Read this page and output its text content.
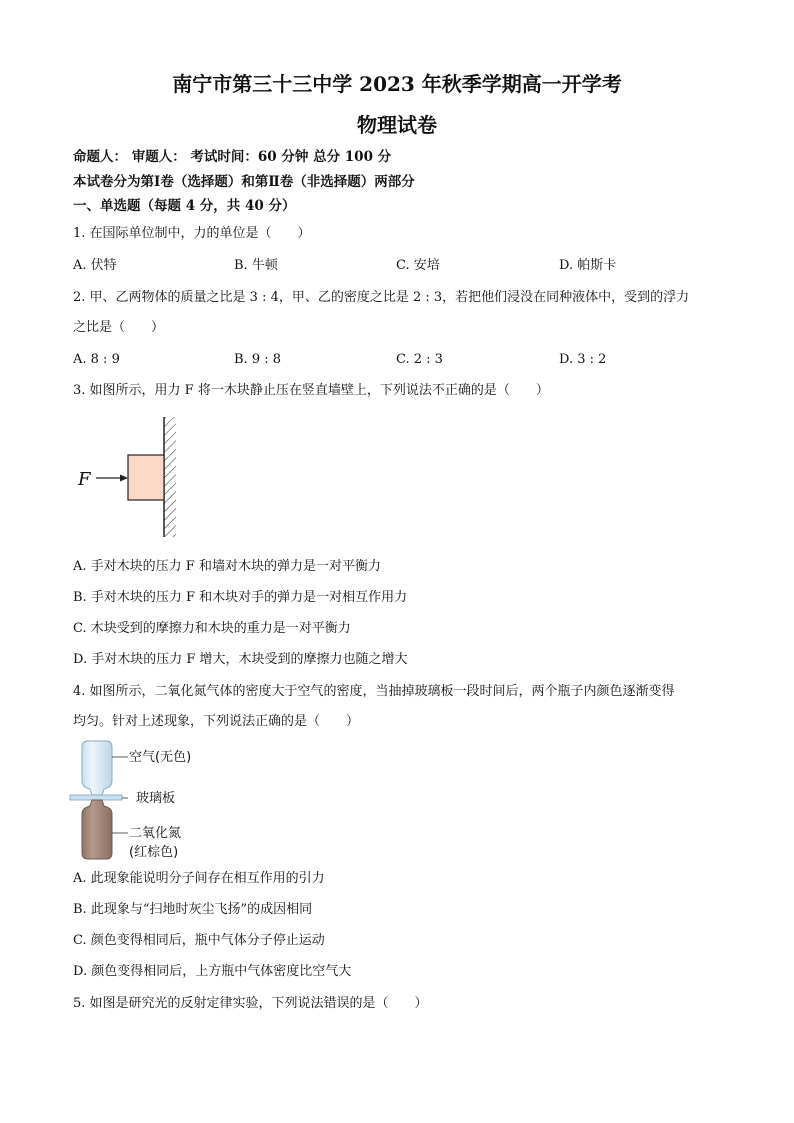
南宁市第三十三中学 2023 年秋季学期高一开学考
物理试卷
命题人： 审题人： 考试时间：60 分钟 总分 100 分
本试卷分为第Ⅰ卷（选择题）和第Ⅱ卷（非选择题）两部分
一、单选题（每题 4 分，共 40 分）
1. 在国际单位制中，力的单位是（　　）
A. 伏特	B. 牛顿	C. 安培	D. 帕斯卡
2. 甲、乙两物体的质量之比是 3 : 4，甲、乙的密度之比是 2 : 3，若把他们浸没在同种液体中，受到的浮力
之比是（　　）
A. 8 : 9	B. 9 : 8	C. 2 : 3	D. 3 : 2
3. 如图所示，用力 F 将一木块静止压在竖直墙壁上，下列说法不正确的是（　　）
F
A. 手对木块的压力 F 和墙对木块的弹力是一对平衡力
B. 手对木块的压力 F 和木块对手的弹力是一对相互作用力
C. 木块受到的摩擦力和木块的重力是一对平衡力
D. 手对木块的压力 F 增大，木块受到的摩擦力也随之增大
4. 如图所示，二氧化氮气体的密度大于空气的密度，当抽掉玻璃板一段时间后，两个瓶子内颜色逐渐变得
均匀。针对上述现象，下列说法正确的是（　　）
空气(无色)
玻璃板
二氧化氮
(红棕色)
A. 此现象能说明分子间存在相互作用的引力
B. 此现象与“扫地时灰尘飞扬”的成因相同
C. 颜色变得相同后，瓶中气体分子停止运动
D. 颜色变得相同后，上方瓶中气体密度比空气大
5. 如图是研究光的反射定律实验，下列说法错误的是（　　）
